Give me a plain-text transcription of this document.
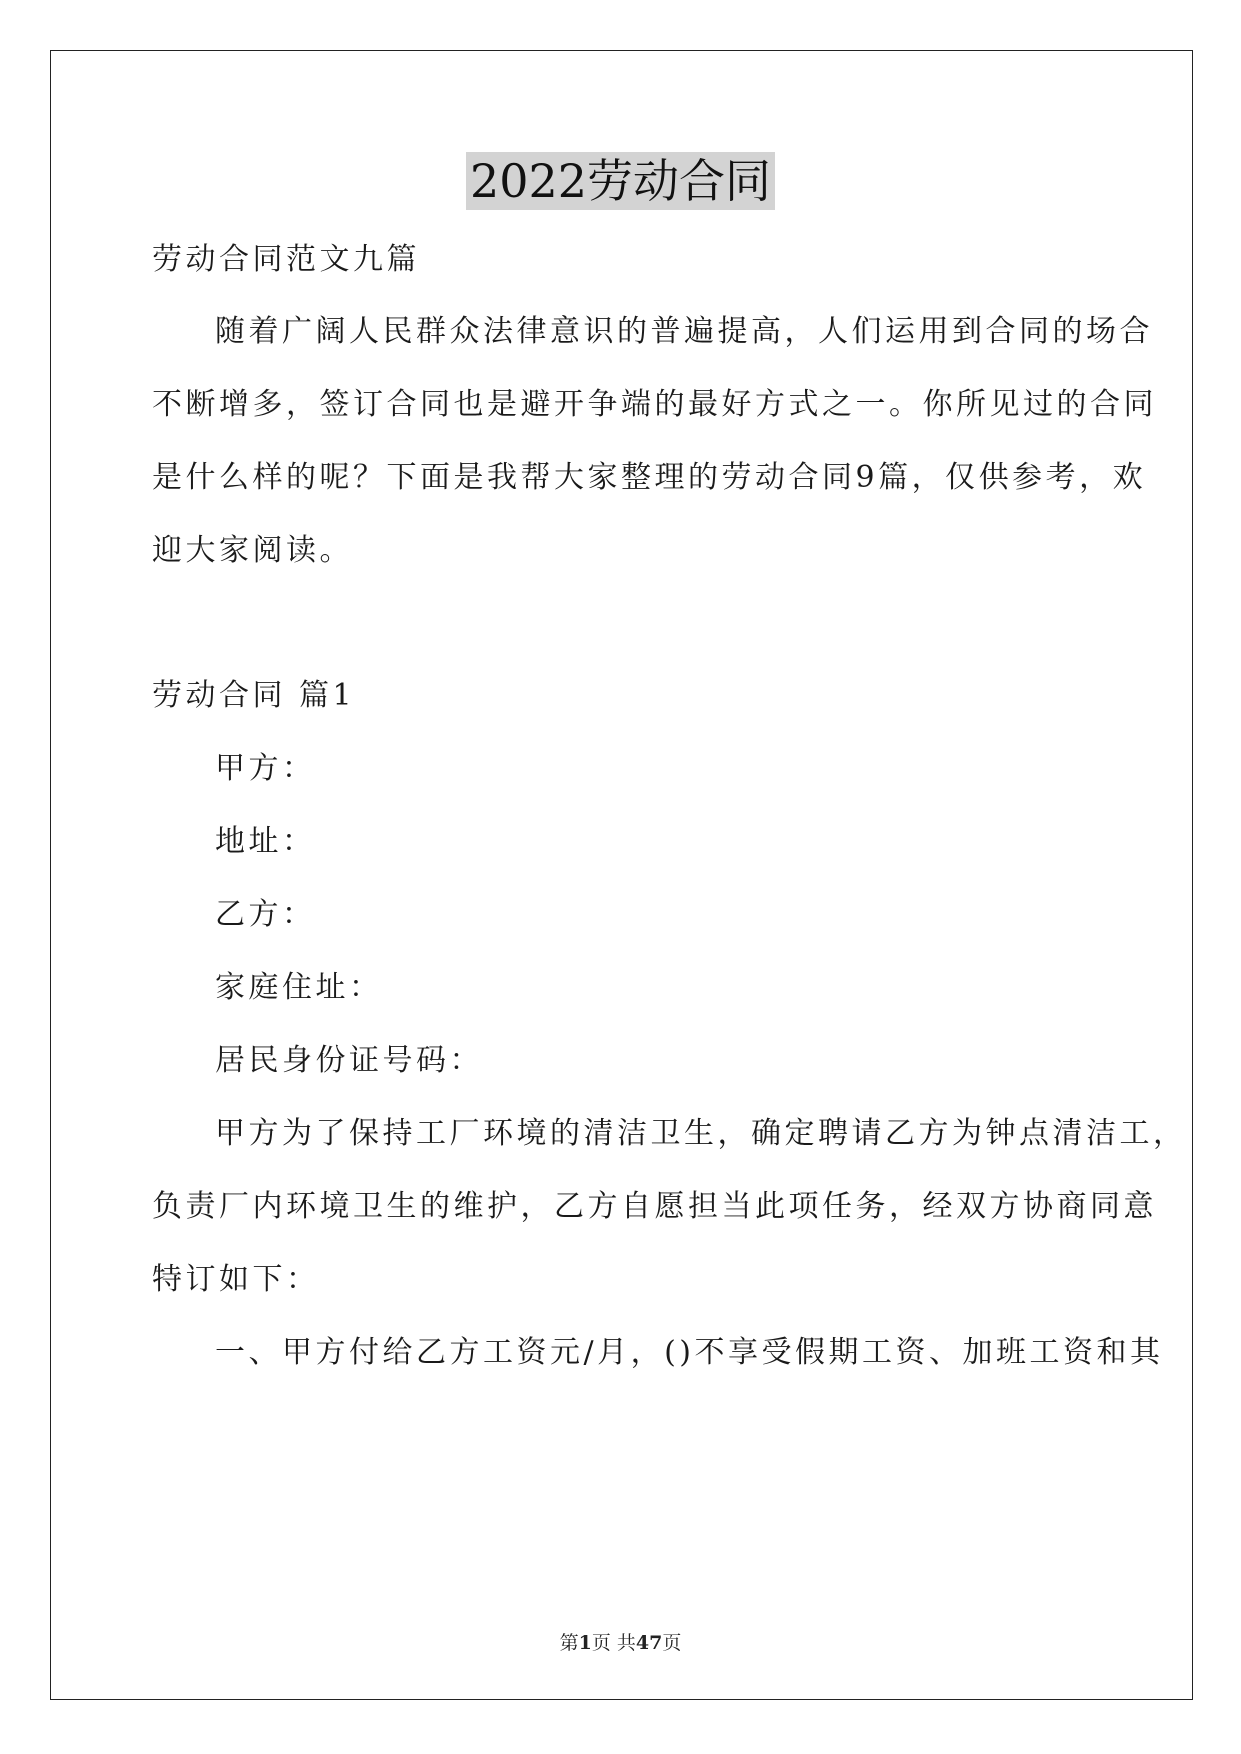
2022劳动合同
劳动合同范文九篇
随着广阔人民群众法律意识的普遍提高，人们运用到合同的场合
不断增多，签订合同也是避开争端的最好方式之一。你所见过的合同
是什么样的呢？下面是我帮大家整理的劳动合同9篇，仅供参考，欢
迎大家阅读。
劳动合同 篇1
甲方：
地址：
乙方：
家庭住址：
居民身份证号码：
甲方为了保持工厂环境的清洁卫生，确定聘请乙方为钟点清洁工，
负责厂内环境卫生的维护，乙方自愿担当此项任务，经双方协商同意
特订如下：
一、甲方付给乙方工资元/月，()不享受假期工资、加班工资和其
第1页 共47页
